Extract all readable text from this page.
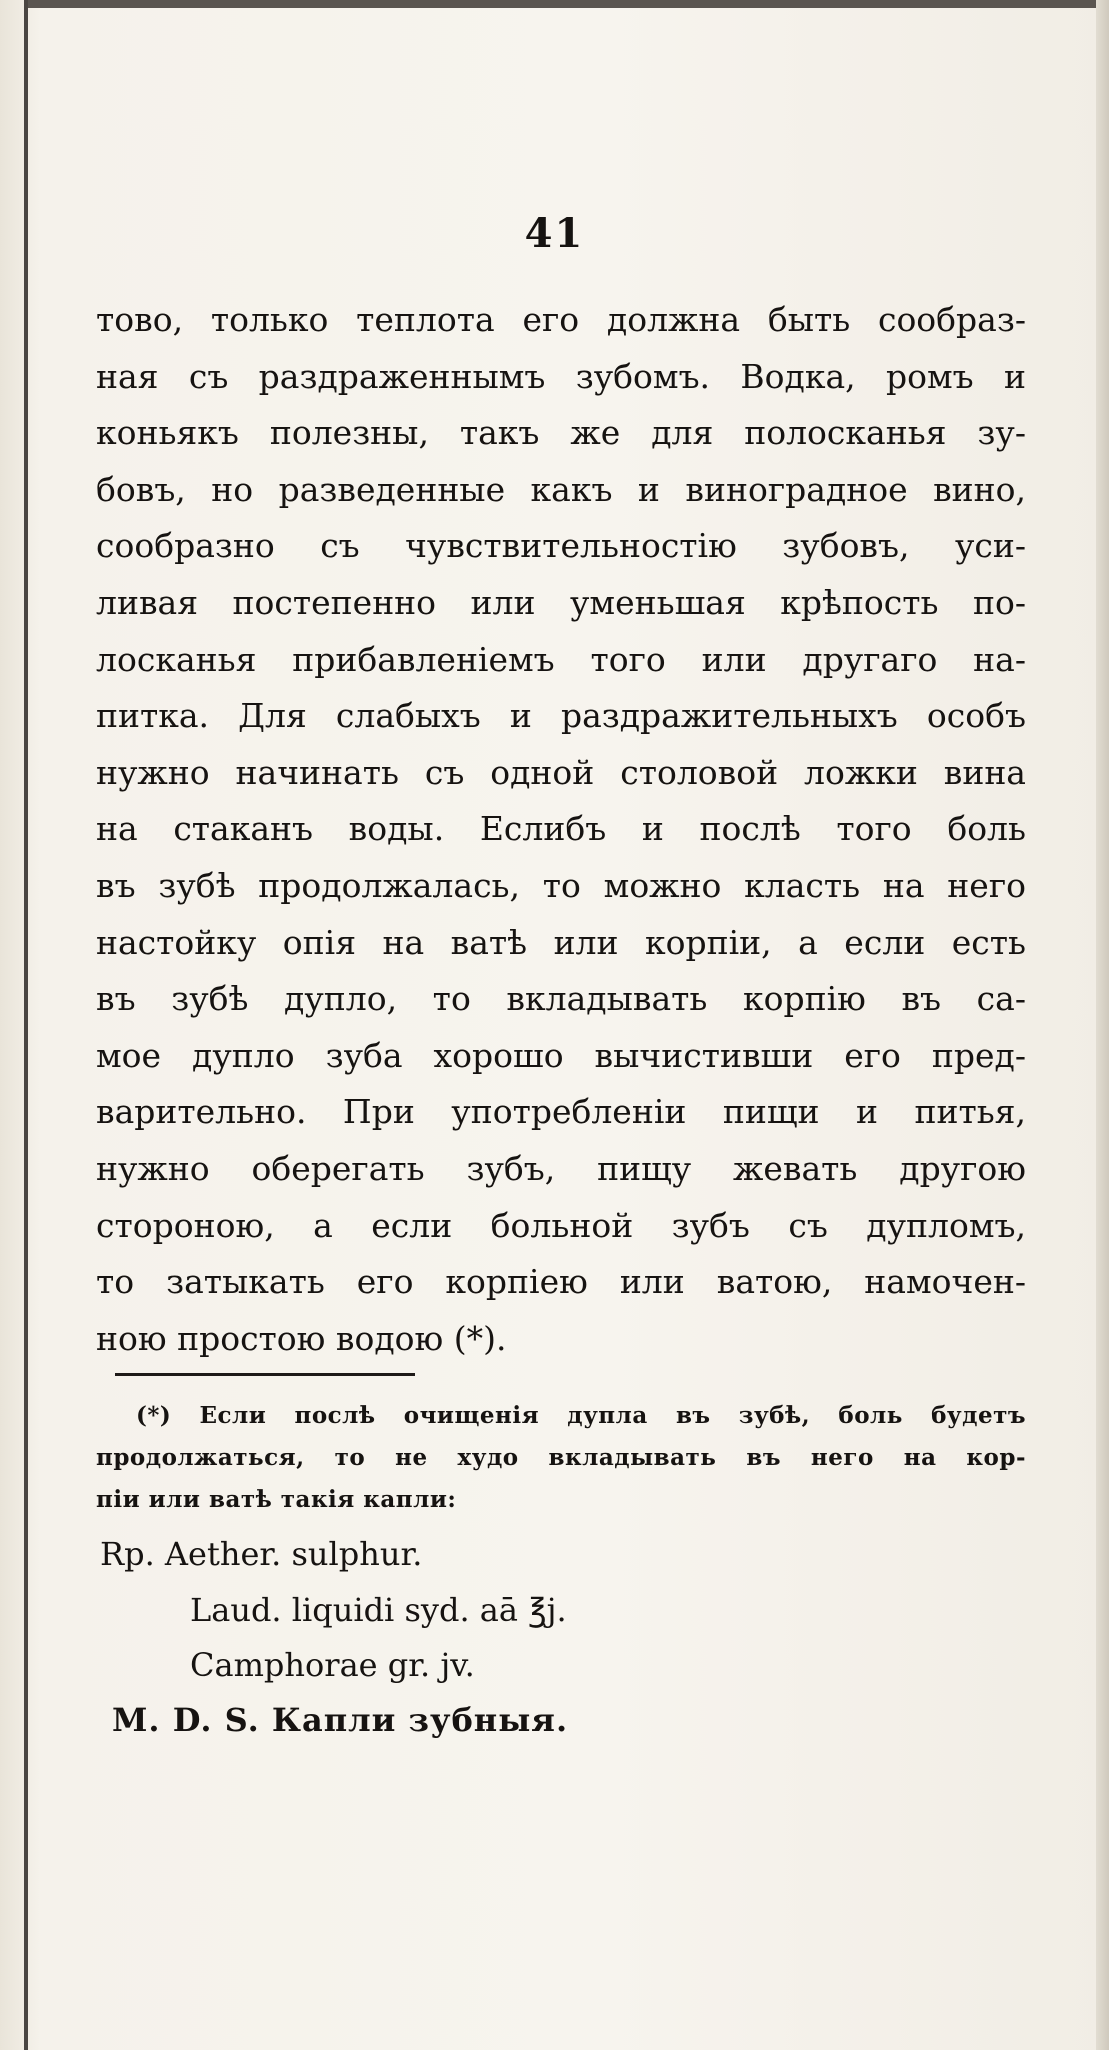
41
тово, только теплота его должна быть сообраз-
ная съ раздраженнымъ зубомъ. Водка, ромъ и
коньякъ полезны, такъ же для полосканья зу-
бовъ, но разведенные какъ и виноградное вино,
сообразно съ чувствительностію зубовъ, уси-
ливая постепенно или уменьшая крѣпость по-
лосканья прибавленіемъ того или другаго на-
питка. Для слабыхъ и раздражительныхъ особъ
нужно начинать съ одной столовой ложки вина
на стаканъ воды. Еслибъ и послѣ того боль
въ зубѣ продолжалась, то можно класть на него
настойку опія на ватѣ или корпіи, а если есть
въ зубѣ дупло, то вкладывать корпію въ са-
мое дупло зуба хорошо вычистивши его пред-
варительно. При употребленіи пищи и питья,
нужно оберегать зубъ, пищу жевать другою
стороною, а если больной зубъ съ дупломъ,
то затыкать его корпіею или ватою, намочен-
ною простою водою (*).
(*) Если послѣ очищенія дупла въ зубѣ, боль будетъ
продолжаться, то не худо вкладывать въ него на кор-
піи или ватѣ такія капли:
Rp. Aether. sulphur.
Laud. liquidi syd. aā ℥j.
Camphorae gr. jv.
M. D. S. Капли зубныя.
